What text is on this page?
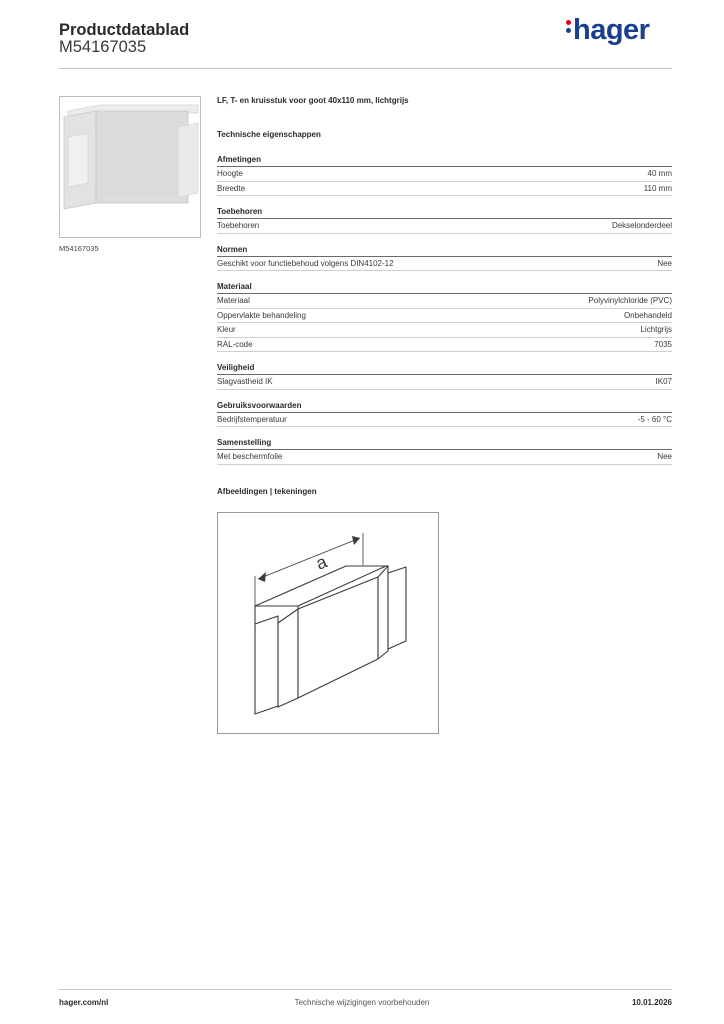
Productdatablad
M54167035
hager
M54167035
LF, T- en kruisstuk voor goot 40x110 mm, lichtgrijs
Technische eigenschappen
Afmetingen
Hoogte	40 mm
Breedte	110 mm
Toebehoren
Toebehoren	Dekselonderdeel
Normen
Geschikt voor functiebehoud volgens DIN4102-12	Nee
Materiaal
Materiaal	Polyvinylchloride (PVC)
Oppervlakte behandeling	Onbehandeld
Kleur	Lichtgrijs
RAL-code	7035
Veiligheid
Slagvastheid IK	IK07
Gebruiksvoorwaarden
Bedrijfstemperatuur	-5 - 60 °C
Samenstelling
Met beschermfolie	Nee
Afbeeldingen | tekeningen
a
hager.com/nl	Technische wijzigingen voorbehouden	10.01.2026
